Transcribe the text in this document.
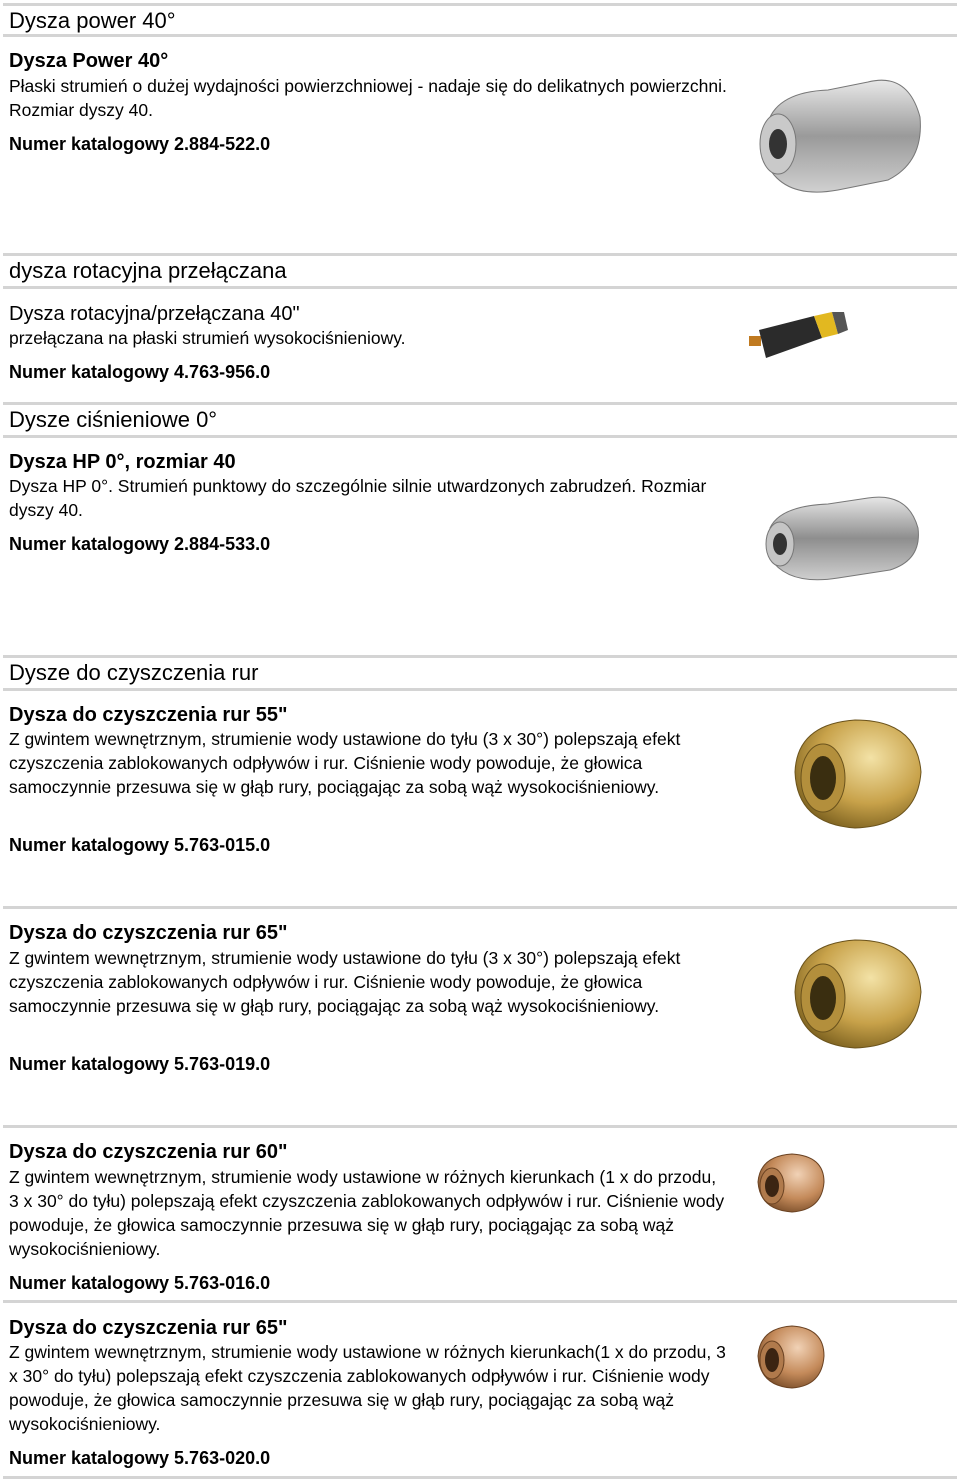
Dysza power 40°
Dysza Power 40°
Płaski strumień o dużej wydajności powierzchniowej - nadaje się do delikatnych powierzchni. Rozmiar dyszy 40.
Numer katalogowy 2.884-522.0
dysza rotacyjna przełączana
Dysza rotacyjna/przełączana 40"
przełączana na płaski strumień wysokociśnieniowy.
Numer katalogowy 4.763-956.0
Dysze ciśnieniowe 0°
Dysza HP 0°, rozmiar 40
Dysza HP 0°. Strumień punktowy do szczególnie silnie utwardzonych zabrudzeń. Rozmiar dyszy 40.
Numer katalogowy 2.884-533.0
Dysze do czyszczenia rur
Dysza do czyszczenia rur 55"
Z gwintem wewnętrznym, strumienie wody ustawione do tyłu (3 x 30°) polepszają efekt czyszczenia zablokowanych odpływów i rur. Ciśnienie wody powoduje, że głowica samoczynnie przesuwa się w głąb rury, pociągając za sobą wąż wysokociśnieniowy.
Numer katalogowy 5.763-015.0
Dysza do czyszczenia rur 65"
Z gwintem wewnętrznym, strumienie wody ustawione do tyłu (3 x 30°) polepszają efekt czyszczenia zablokowanych odpływów i rur. Ciśnienie wody powoduje, że głowica samoczynnie przesuwa się w głąb rury, pociągając za sobą wąż wysokociśnieniowy.
Numer katalogowy 5.763-019.0
Dysza do czyszczenia rur 60"
Z gwintem wewnętrznym, strumienie wody ustawione w różnych kierunkach (1 x do przodu, 3 x 30° do tyłu) polepszają efekt czyszczenia zablokowanych odpływów i rur. Ciśnienie wody powoduje, że głowica samoczynnie przesuwa się w głąb rury, pociągając za sobą wąż wysokociśnieniowy.
Numer katalogowy 5.763-016.0
Dysza do czyszczenia rur 65"
Z gwintem wewnętrznym, strumienie wody ustawione w różnych kierunkach(1 x do przodu, 3 x 30° do tyłu) polepszają efekt czyszczenia zablokowanych odpływów i rur. Ciśnienie wody powoduje, że głowica samoczynnie przesuwa się w głąb rury, pociągając za sobą wąż wysokociśnieniowy.
Numer katalogowy 5.763-020.0
